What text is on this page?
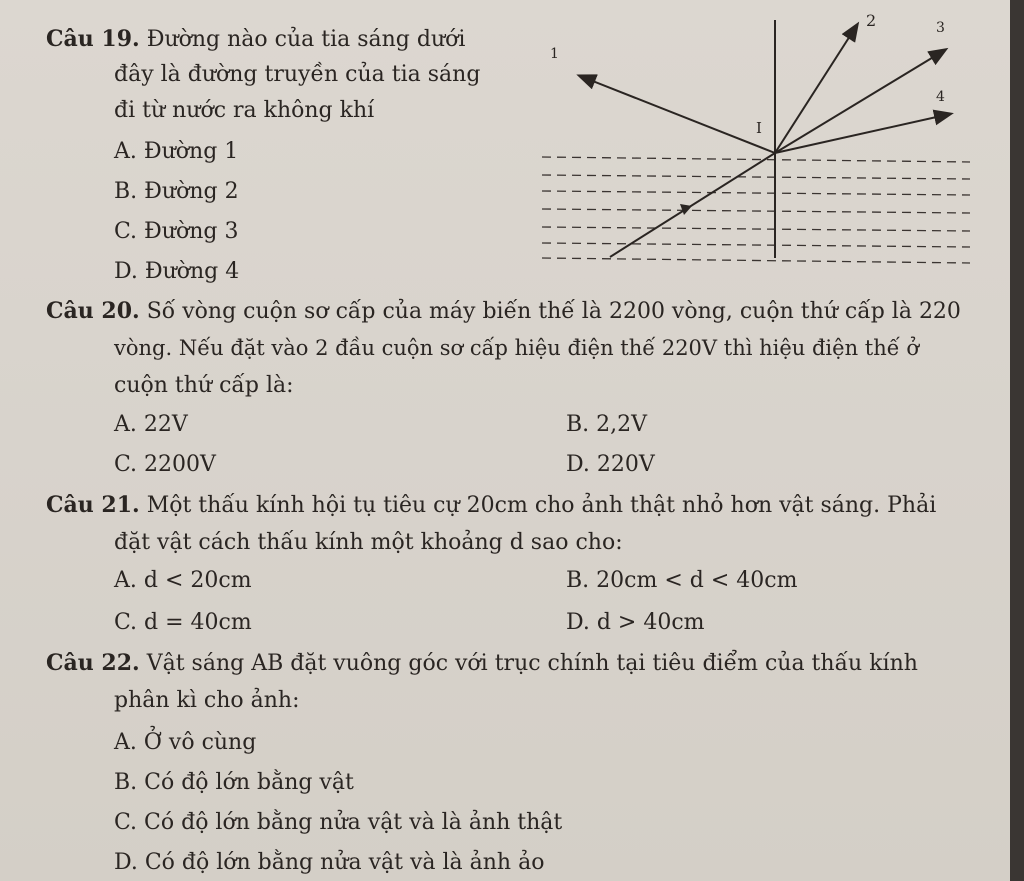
Câu 19. Đường nào của tia sáng dưới
đây là đường truyền của tia sáng
đi từ nước ra không khí
A. Đường 1
B. Đường 2
C. Đường 3
D. Đường 4
1
2	3
4
I
Câu 20. Số vòng cuộn sơ cấp của máy biến thế là 2200 vòng, cuộn thứ cấp là 220
vòng. Nếu đặt vào 2 đầu cuộn sơ cấp hiệu điện thế 220V thì hiệu điện thế ở
cuộn thứ cấp là:
A. 22V	B. 2,2V
C. 2200V	D. 220V
Câu 21. Một thấu kính hội tụ tiêu cự 20cm cho ảnh thật nhỏ hơn vật sáng. Phải
đặt vật cách thấu kính một khoảng d sao cho:
A. d < 20cm	B. 20cm < d < 40cm
C. d = 40cm	D. d > 40cm
Câu 22. Vật sáng AB đặt vuông góc với trục chính tại tiêu điểm của thấu kính
phân kì cho ảnh:
A. Ở vô cùng
B. Có độ lớn bằng vật
C. Có độ lớn bằng nửa vật và là ảnh thật
D. Có độ lớn bằng nửa vật và là ảnh ảo
